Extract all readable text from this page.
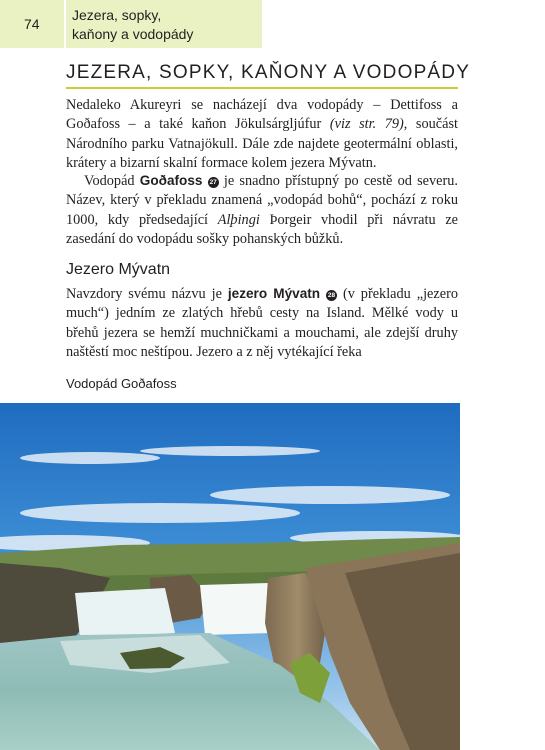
74
Jezera, sopky,
kaňony a vodopády
JEZERA, SOPKY, KAŇONY A VODOPÁDY

Nedaleko Akureyri se nacházejí dva vodopády – Dettifoss a Goðafoss – a také kaňon Jökulsárgljúfur (viz str. 79), součást Národního parku Vatnajökull. Dále zde najdete geotermální oblasti, krátery a bizarní skalní formace kolem jezera Mývatn.

Vodopád Goðafoss 27 je snadno přístupný po cestě od severu. Název, který v překladu znamená „vodopád bohů“, pochází z roku 1000, kdy předsedající Alþingi Þorgeir vhodil při návratu ze zasedání do vodopádu sošky pohanských bůžků.

Jezero Mývatn

Navzdory svému názvu je jezero Mývatn 28 (v překladu „jezero much“) jedním ze zlatých hřebů cesty na Island. Mělké vody u břehů jezera se hemží muchničkami a mouchami, ale zdejší druhy naštěstí moc neštípou. Jezero a z něj vytékající řeka

Vodopád Goðafoss
